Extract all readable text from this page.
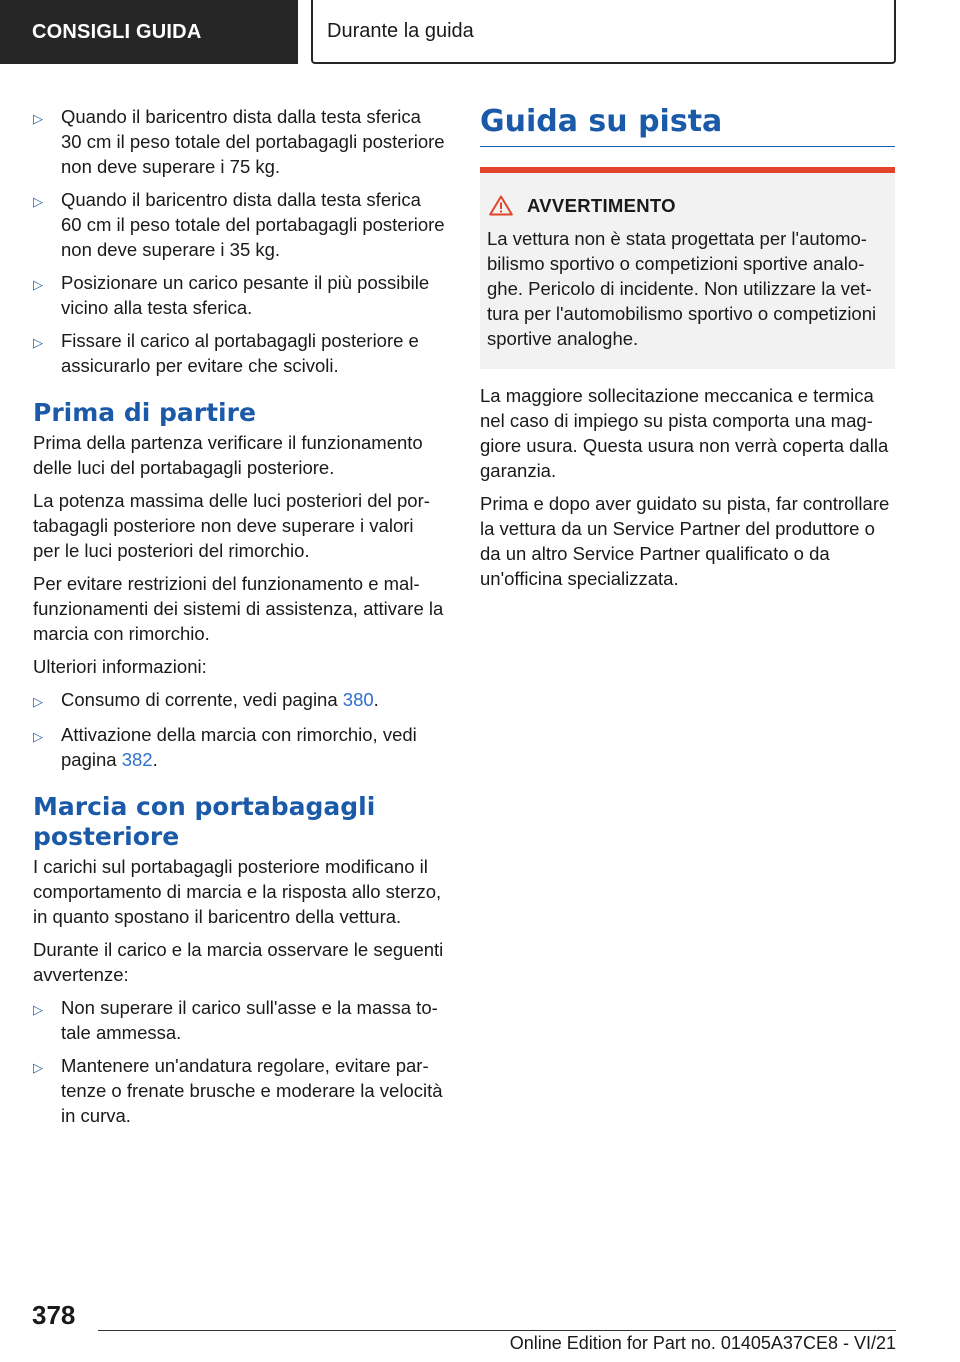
CONSIGLI GUIDA	Durante la guida
▷ Quando il baricentro dista dalla testa sferica 30 cm il peso totale del portabagagli posteriore non deve superare i 75 kg.
▷ Quando il baricentro dista dalla testa sferica 60 cm il peso totale del portabagagli posteriore non deve superare i 35 kg.
▷ Posizionare un carico pesante il più possibile vicino alla testa sferica.
▷ Fissare il carico al portabagagli posteriore e assicurarlo per evitare che scivoli.
Prima di partire

Prima della partenza verificare il funzionamento delle luci del portabagagli posteriore.

La potenza massima delle luci posteriori del portabagagli posteriore non deve superare i valori per le luci posteriori del rimorchio.

Per evitare restrizioni del funzionamento e malfunzionamenti dei sistemi di assistenza, attivare la marcia con rimorchio.

Ulteriori informazioni:

▷ Consumo di corrente, vedi pagina 380.
▷ Attivazione della marcia con rimorchio, vedi pagina 382.
Marcia con portabagagli posteriore

I carichi sul portabagagli posteriore modificano il comportamento di marcia e la risposta allo sterzo, in quanto spostano il baricentro della vettura.

Durante il carico e la marcia osservare le seguenti avvertenze:

▷ Non superare il carico sull'asse e la massa totale ammessa.
▷ Mantenere un'andatura regolare, evitare partenze o frenate brusche e moderare la velocità in curva.
Guida su pista
AVVERTIMENTO
La vettura non è stata progettata per l'automobilismo sportivo o competizioni sportive analoghe. Pericolo di incidente. Non utilizzare la vettura per l'automobilismo sportivo o competizioni sportive analoghe.

La maggiore sollecitazione meccanica e termica nel caso di impiego su pista comporta una maggiore usura. Questa usura non verrà coperta dalla garanzia.

Prima e dopo aver guidato su pista, far controllare la vettura da un Service Partner del produttore o da un altro Service Partner qualificato o da un'officina specializzata.

378
Online Edition for Part no. 01405A37CE8 - VI/21
